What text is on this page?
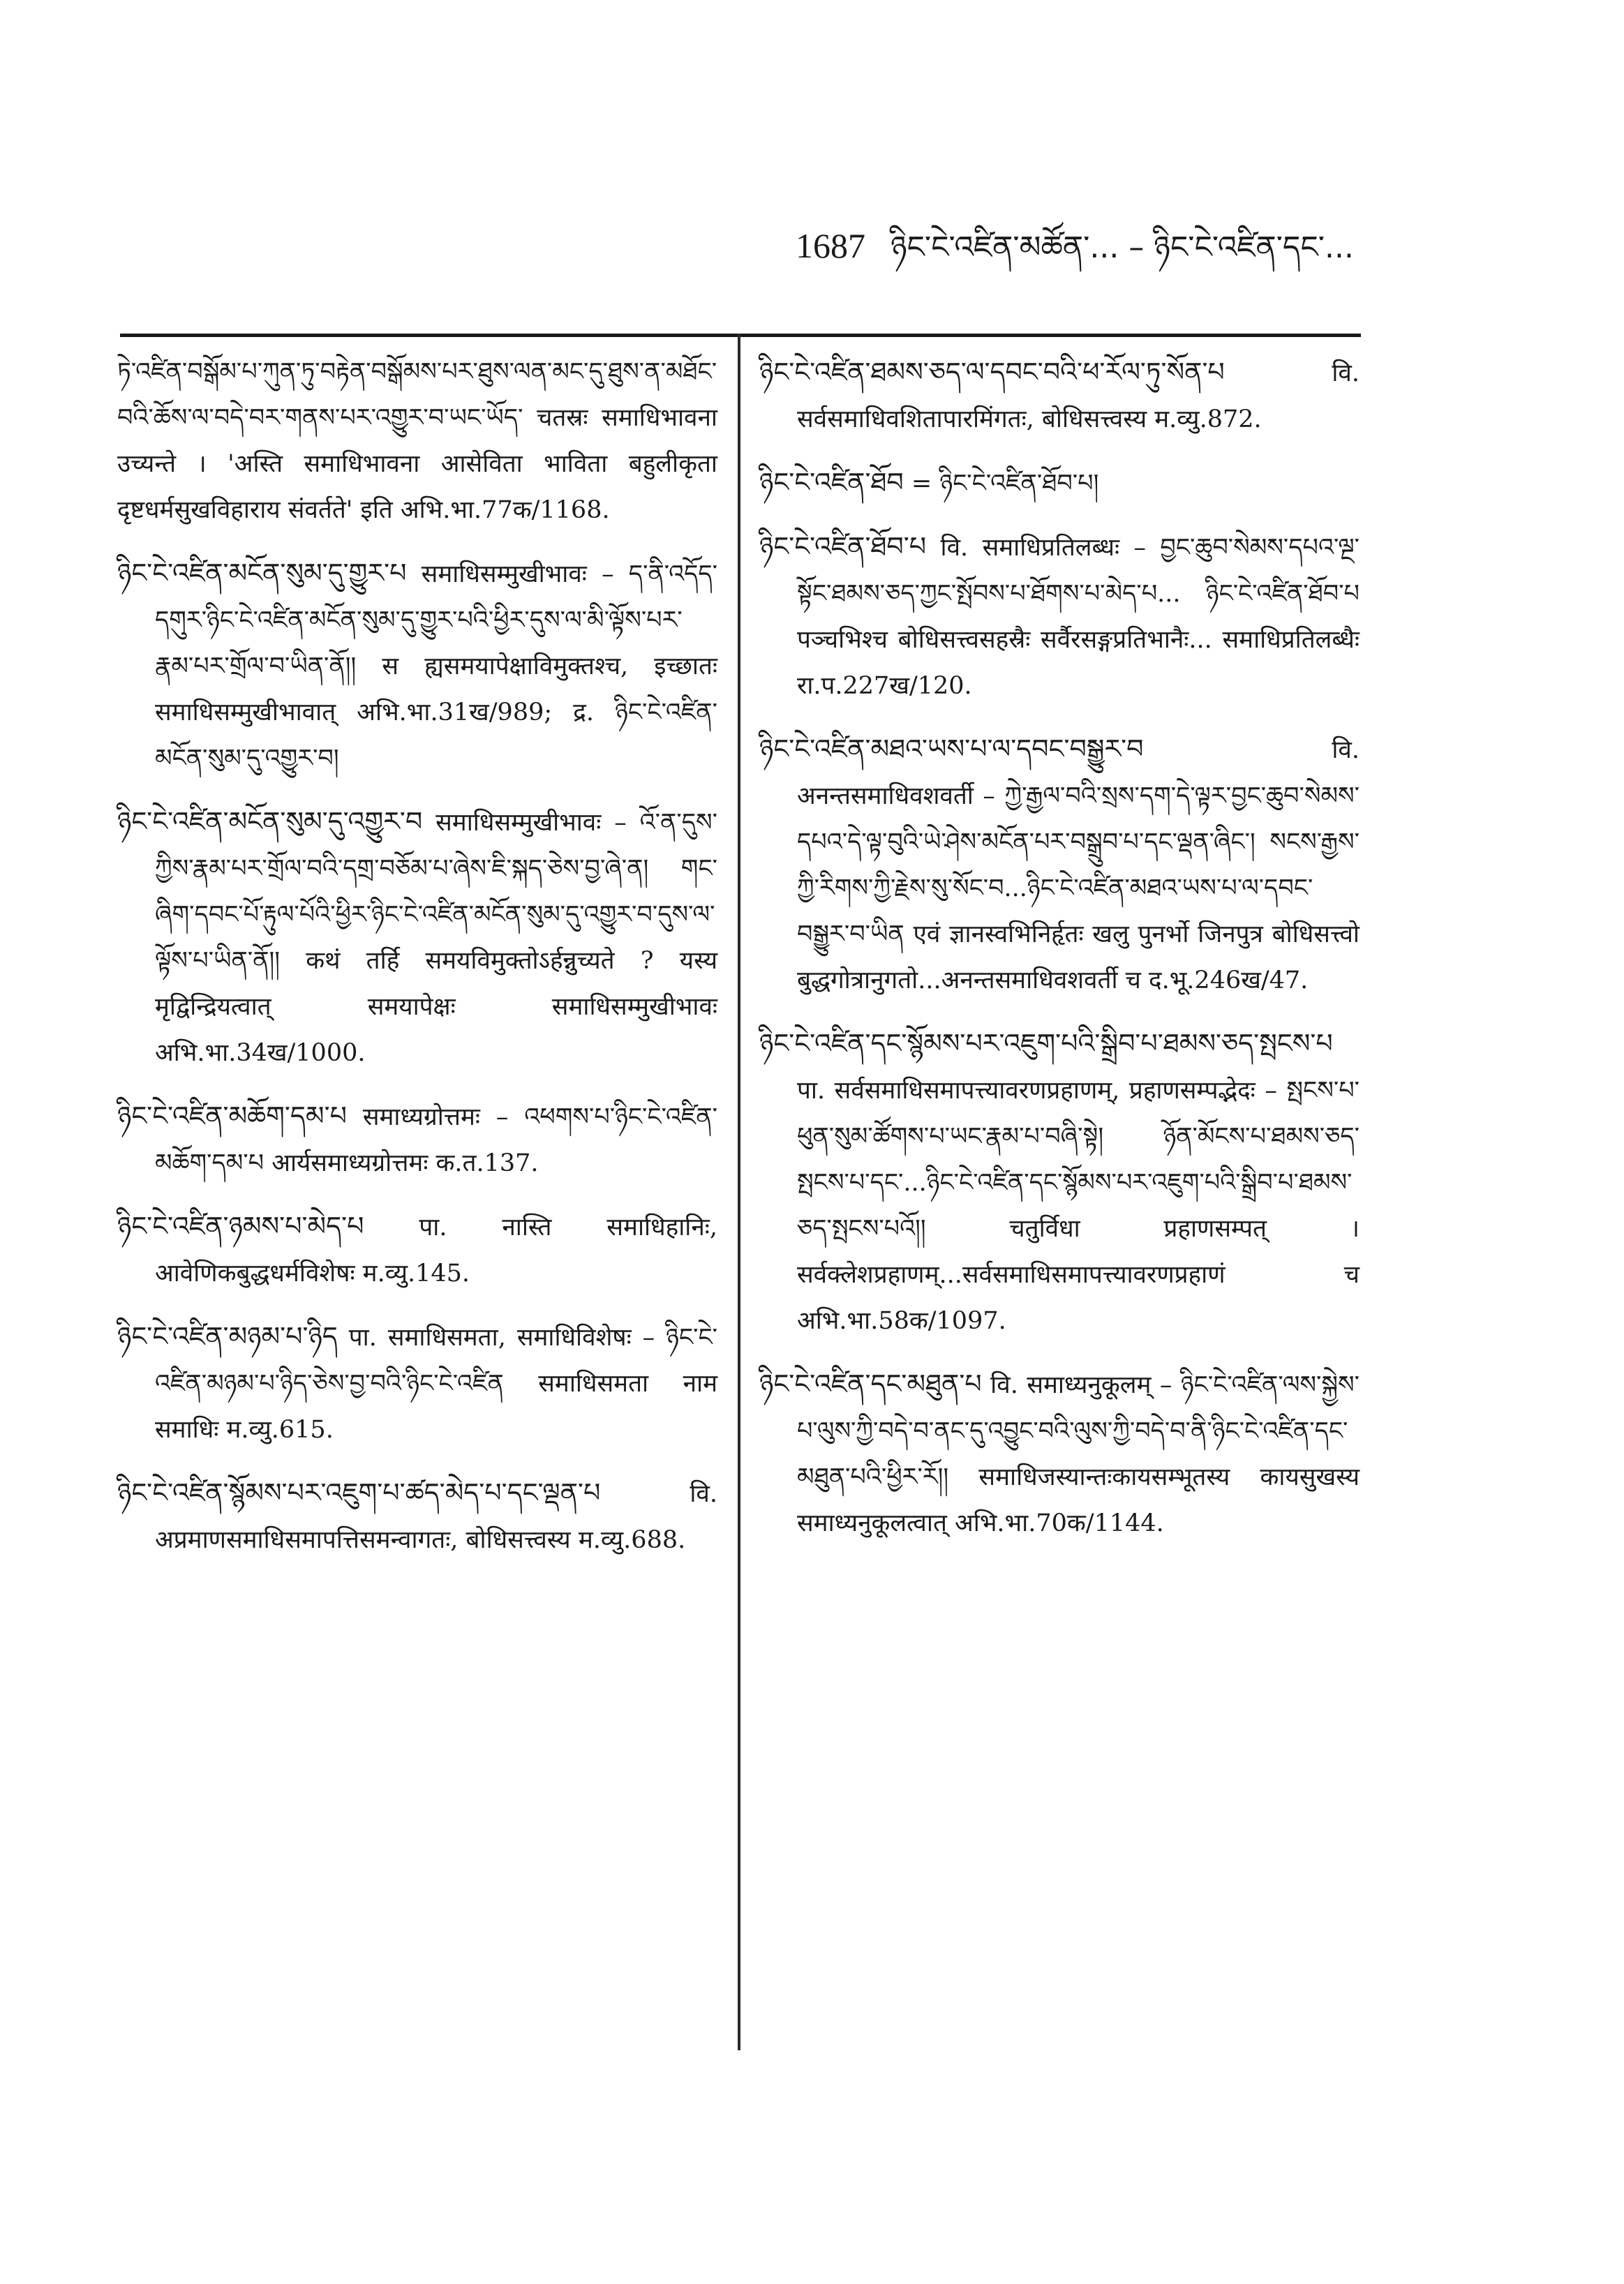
1687 ཉིང་ངེ་འཛིན་མཚོན་... – ཉིང་ངེ་འཛིན་དང་...

ཏེ་འཛིན་བསྒོམ་པ་ཀུན་ཏུ་བརྟེན་བསྒོམས་པར་ཐུས་ལན་མང་དུ་ཐུས་ན་མཐོང་བའི་ཆོས་ལ་བདེ་བར་གནས་པར་འགྱུར་བ་ཡང་ཡོད་ चतस्रः समाधिभावना उच्यन्ते । 'अस्ति समाधिभावना आसेविता भाविता बहुलीकृता दृष्टधर्मसुखविहाराय संवर्तते' इति अभि.भा.77क/1168.

ཉིང་ངེ་འཛིན་མངོན་སུམ་དུ་གྱུར་པ समाधिसम्मुखीभावः – ད་ནི་འདོད་དགུར་ཉིང་ངེ་འཛིན་མངོན་སུམ་དུ་གྱུར་པའི་ཕྱིར་དུས་ལ་མི་ལྟོས་པར་རྣམ་པར་གྲོལ་བ་ཡིན་ནོ།། स ह्यसमयापेक्षाविमुक्तश्च, इच्छातः समाधिसम्मुखीभावात् अभि.भा.31ख/989; द्र. ཉིང་ངེ་འཛིན་མངོན་སུམ་དུ་འགྱུར་བ།

ཉིང་ངེ་འཛིན་མངོན་སུམ་དུ་འགྱུར་བ समाधिसम्मुखीभावः – འོ་ན་དུས་ཀྱིས་རྣམ་པར་གྲོལ་བའི་དགྲ་བཅོམ་པ་ཞེས་ཇི་སྐད་ཅེས་བྱ་ཞེ་ན། གང་ཞིག་དབང་པོ་རྟུལ་པོའི་ཕྱིར་ཉིང་ངེ་འཛིན་མངོན་སུམ་དུ་འགྱུར་བ་དུས་ལ་ལྟོས་པ་ཡིན་ནོ།། कथं तर्हि समयविमुक्तोऽर्हन्नुच्यते ? यस्य मृद्विन्द्रियत्वात् समयापेक्षः समाधिसम्मुखीभावः अभि.भा.34ख/1000.

ཉིང་ངེ་འཛིན་མཆོག་དམ་པ समाध्यग्रोत्तमः – འཕགས་པ་ཉིང་ངེ་འཛིན་མཆོག་དམ་པ आर्यसमाध्यग्रोत्तमः क.त.137.

ཉིང་ངེ་འཛིན་ཉམས་པ་མེད་པ पा. नास्ति समाधिहानिः, आवेणिकबुद्धधर्मविशेषः म.व्यु.145.

ཉིང་ངེ་འཛིན་མཉམ་པ་ཉིད पा. समाधिसमता, समाधिविशेषः – ཉིང་ངེ་འཛིན་མཉམ་པ་ཉིད་ཅེས་བྱ་བའི་ཉིང་ངེ་འཛིན समाधिसमता नाम समाधिः म.व्यु.615.

ཉིང་ངེ་འཛིན་སྙོམས་པར་འཇུག་པ་ཚད་མེད་པ་དང་ལྡན་པ	वि. अप्रमाणसमाधिसमापत्तिसमन्वागतः, बोधिसत्त्वस्य म.व्यु.688.

ཉིང་ངེ་འཛིན་ཐམས་ཅད་ལ་དབང་བའི་ཕ་རོལ་ཏུ་སོན་པ	वि. सर्वसमाधिवशितापारमिंगतः, बोधिसत्त्वस्य म.व्यु.872.

ཉིང་ངེ་འཛིན་ཐོབ = ཉིང་ངེ་འཛིན་ཐོབ་པ།

ཉིང་ངེ་འཛིན་ཐོབ་པ वि. समाधिप्रतिलब्धः – བྱང་ཆུབ་སེམས་དཔའ་ལྔ་སྟོང་ཐམས་ཅད་ཀྱང་སྤོབས་པ་ཐོགས་པ་མེད་པ... ཉིང་ངེ་འཛིན་ཐོབ་པ पञ्चभिश्च बोधिसत्त्वसहस्रैः सर्वैरसङ्गप्रतिभानैः... समाधिप्रतिलब्धैः रा.प.227ख/120.

ཉིང་ངེ་འཛིན་མཐའ་ཡས་པ་ལ་དབང་བསྒྱུར་བ	वि. अनन्तसमाधिवशवर्ती – ཀྱེ་རྒྱལ་བའི་སྲས་དག་དེ་ལྟར་བྱང་ཆུབ་སེམས་དཔའ་དེ་ལྟ་བུའི་ཡེ་ཤེས་མངོན་པར་བསྒྲུབ་པ་དང་ལྡན་ཞིང་། སངས་རྒྱས་ཀྱི་རིགས་ཀྱི་རྗེས་སུ་སོང་བ...ཉིང་ངེ་འཛིན་མཐའ་ཡས་པ་ལ་དབང་བསྒྱུར་བ་ཡིན एवं ज्ञानस्वभिनिर्हृतः खलु पुनर्भो जिनपुत्र बोधिसत्त्वो बुद्धगोत्रानुगतो...अनन्तसमाधिवशवर्ती च द.भू.246ख/47.

ཉིང་ངེ་འཛིན་དང་སྙོམས་པར་འཇུག་པའི་སྒྲིབ་པ་ཐམས་ཅད་སྤངས་པ पा. सर्वसमाधिसमापत्त्यावरणप्रहाणम्, प्रहाणसम्पद्भेदः – སྤངས་པ་ཕུན་སུམ་ཚོགས་པ་ཡང་རྣམ་པ་བཞི་སྟེ། ཉོན་མོངས་པ་ཐམས་ཅད་སྤངས་པ་དང་...ཉིང་ངེ་འཛིན་དང་སྙོམས་པར་འཇུག་པའི་སྒྲིབ་པ་ཐམས་ཅད་སྤངས་པའོ།། चतुर्विधा प्रहाणसम्पत् । सर्वक्लेशप्रहाणम्...सर्वसमाधिसमापत्त्यावरणप्रहाणं च अभि.भा.58क/1097.

ཉིང་ངེ་འཛིན་དང་མཐུན་པ वि. समाध्यनुकूलम् – ཉིང་ངེ་འཛིན་ལས་སྐྱེས་པ་ལུས་ཀྱི་བདེ་བ་ནང་དུ་འབྱུང་བའི་ལུས་ཀྱི་བདེ་བ་ནི་ཉིང་ངེ་འཛིན་དང་མཐུན་པའི་ཕྱིར་རོ།། समाधिजस्यान्तःकायसम्भूतस्य कायसुखस्य समाध्यनुकूलत्वात् अभि.भा.70क/1144.
